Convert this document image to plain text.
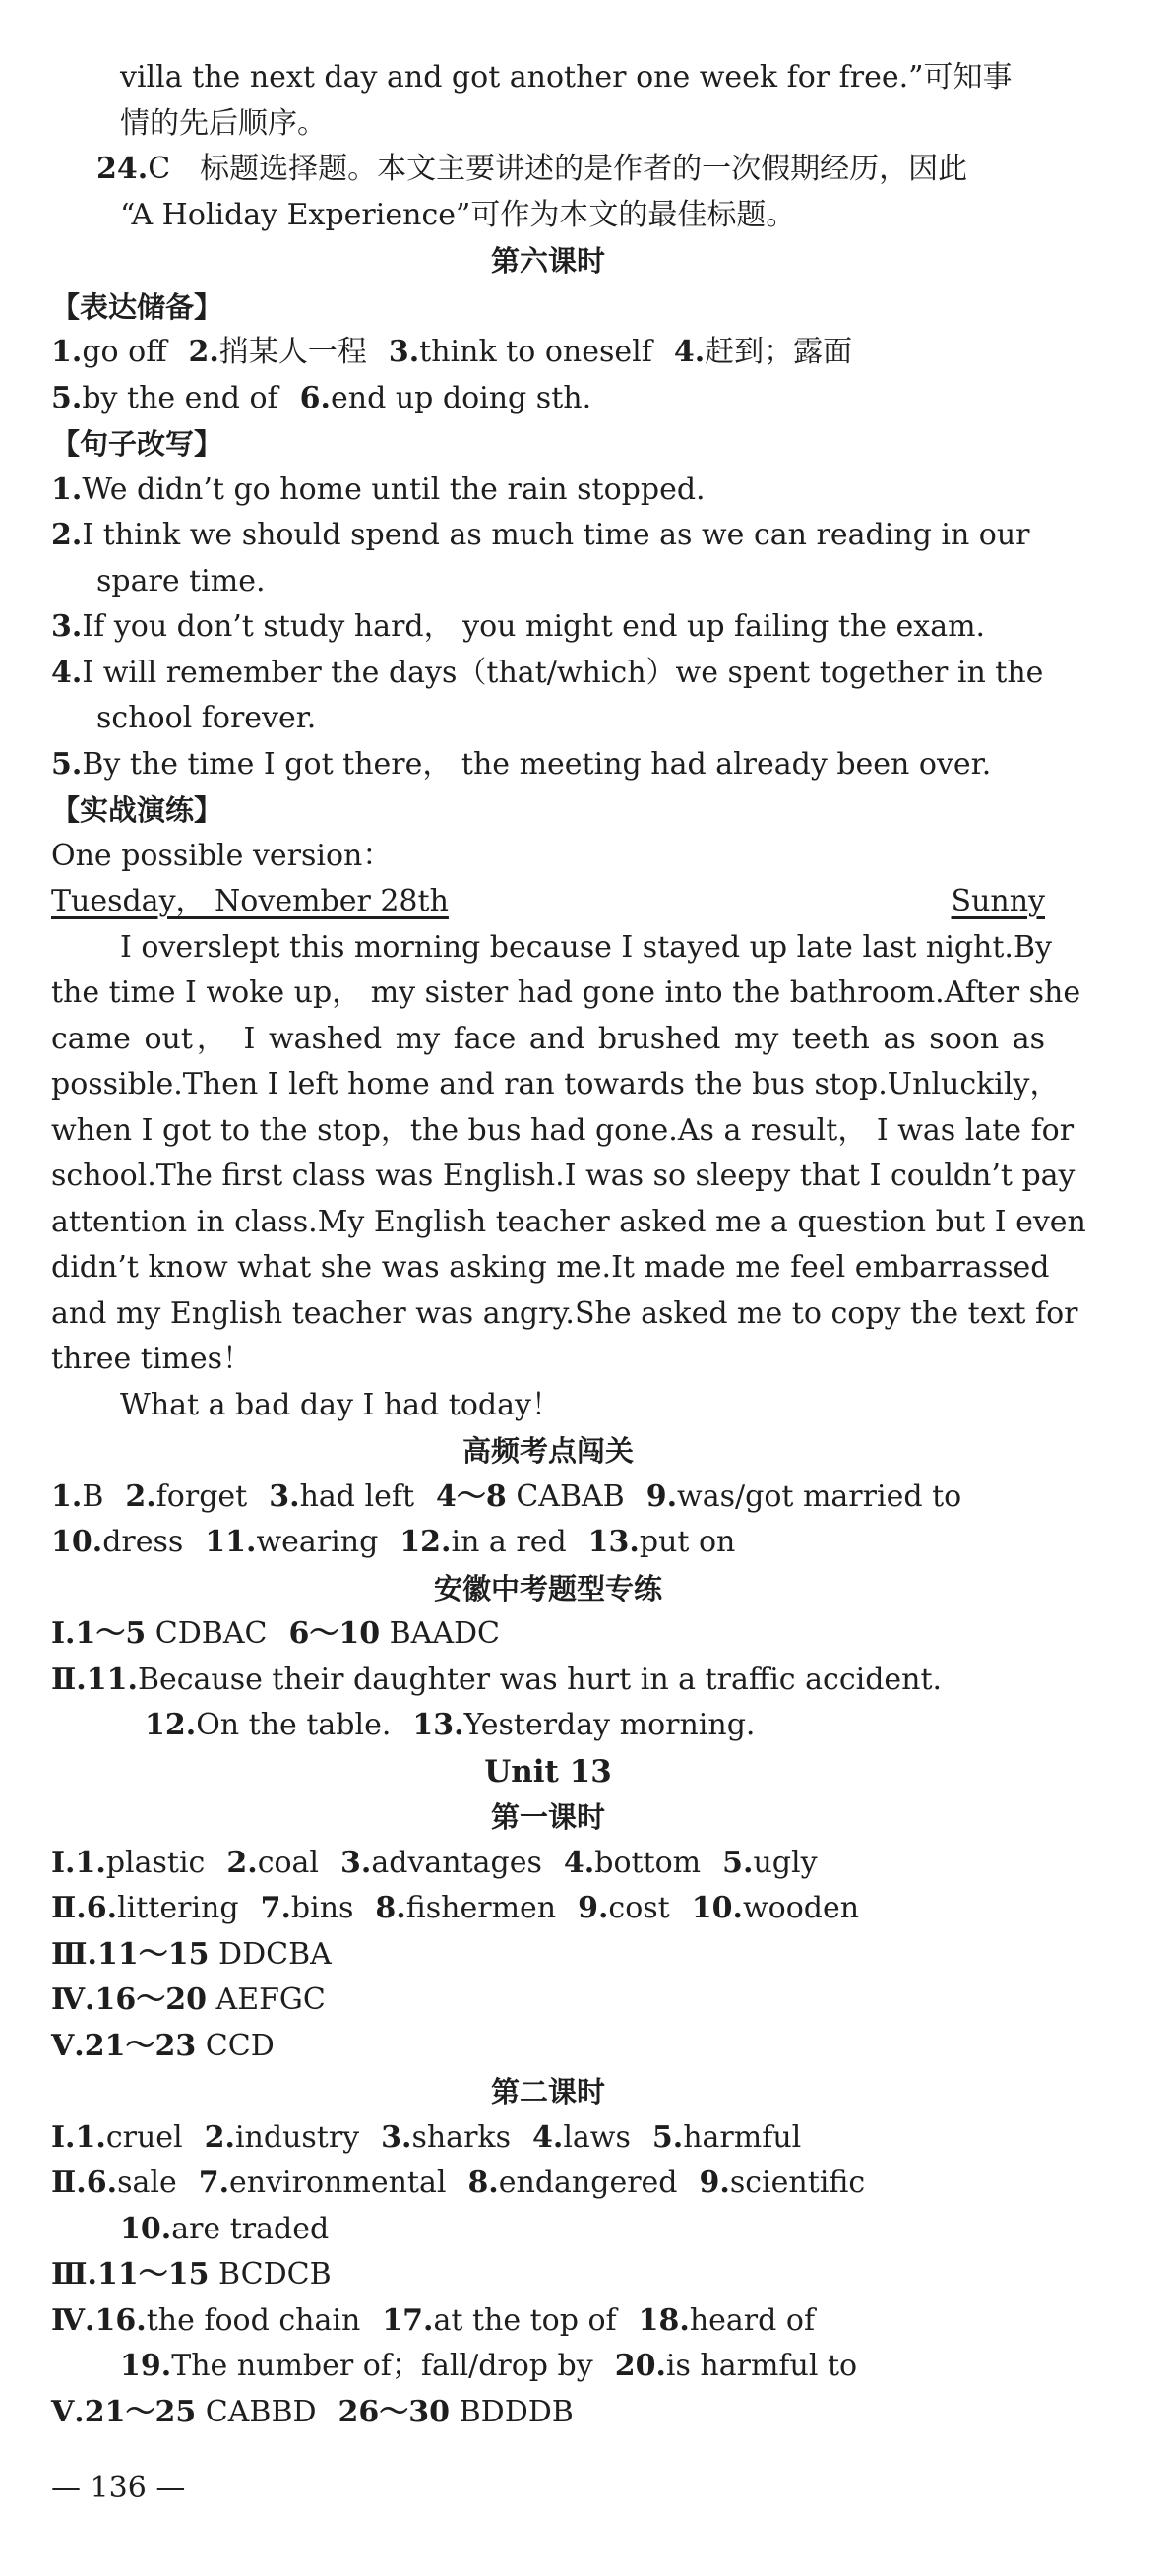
villa the next day and got another one week for free.”可知事
情的先后顺序。
24.C　标题选择题。本文主要讲述的是作者的一次假期经历，因此
“A Holiday Experience”可作为本文的最佳标题。
第六课时
【表达储备】
1.go off 2.捎某人一程 3.think to oneself 4.赶到；露面
5.by the end of 6.end up doing sth.
【句子改写】
1.We didn’t go home until the rain stopped.
2.I think we should spend as much time as we can reading in our
spare time.
3.If you don’t study hard， you might end up failing the exam.
4.I will remember the days（that/which）we spent together in the
school forever.
5.By the time I got there， the meeting had already been over.
【实战演练】
One possible version：
Tuesday， November 28th	Sunny
I overslept this morning because I stayed up late last night.By
the time I woke up， my sister had gone into the bathroom.After she
came out， I washed my face and brushed my teeth as soon as
possible.Then I left home and ran towards the bus stop.Unluckily，
when I got to the stop，the bus had gone.As a result， I was late for
school.The first class was English.I was so sleepy that I couldn’t pay
attention in class.My English teacher asked me a question but I even
didn’t know what she was asking me.It made me feel embarrassed
and my English teacher was angry.She asked me to copy the text for
three times！
What a bad day I had today！
高频考点闯关
1.B 2.forget 3.had left 4～8 CABAB 9.was/got married to
10.dress 11.wearing 12.in a red 13.put on
安徽中考题型专练
Ⅰ.1～5 CDBAC 6～10 BAADC
Ⅱ.11.Because their daughter was hurt in a traffic accident.
12.On the table. 13.Yesterday morning.
Unit 13
第一课时
Ⅰ.1.plastic 2.coal 3.advantages 4.bottom 5.ugly
Ⅱ.6.littering 7.bins 8.fishermen 9.cost 10.wooden
Ⅲ.11～15 DDCBA
Ⅳ.16～20 AEFGC
Ⅴ.21～23 CCD
第二课时
Ⅰ.1.cruel 2.industry 3.sharks 4.laws 5.harmful
Ⅱ.6.sale 7.environmental 8.endangered 9.scientific
10.are traded
Ⅲ.11～15 BCDCB
Ⅳ.16.the food chain 17.at the top of 18.heard of
19.The number of；fall/drop by 20.is harmful to
Ⅴ.21～25 CABBD 26～30 BDDDB
— 136 —
